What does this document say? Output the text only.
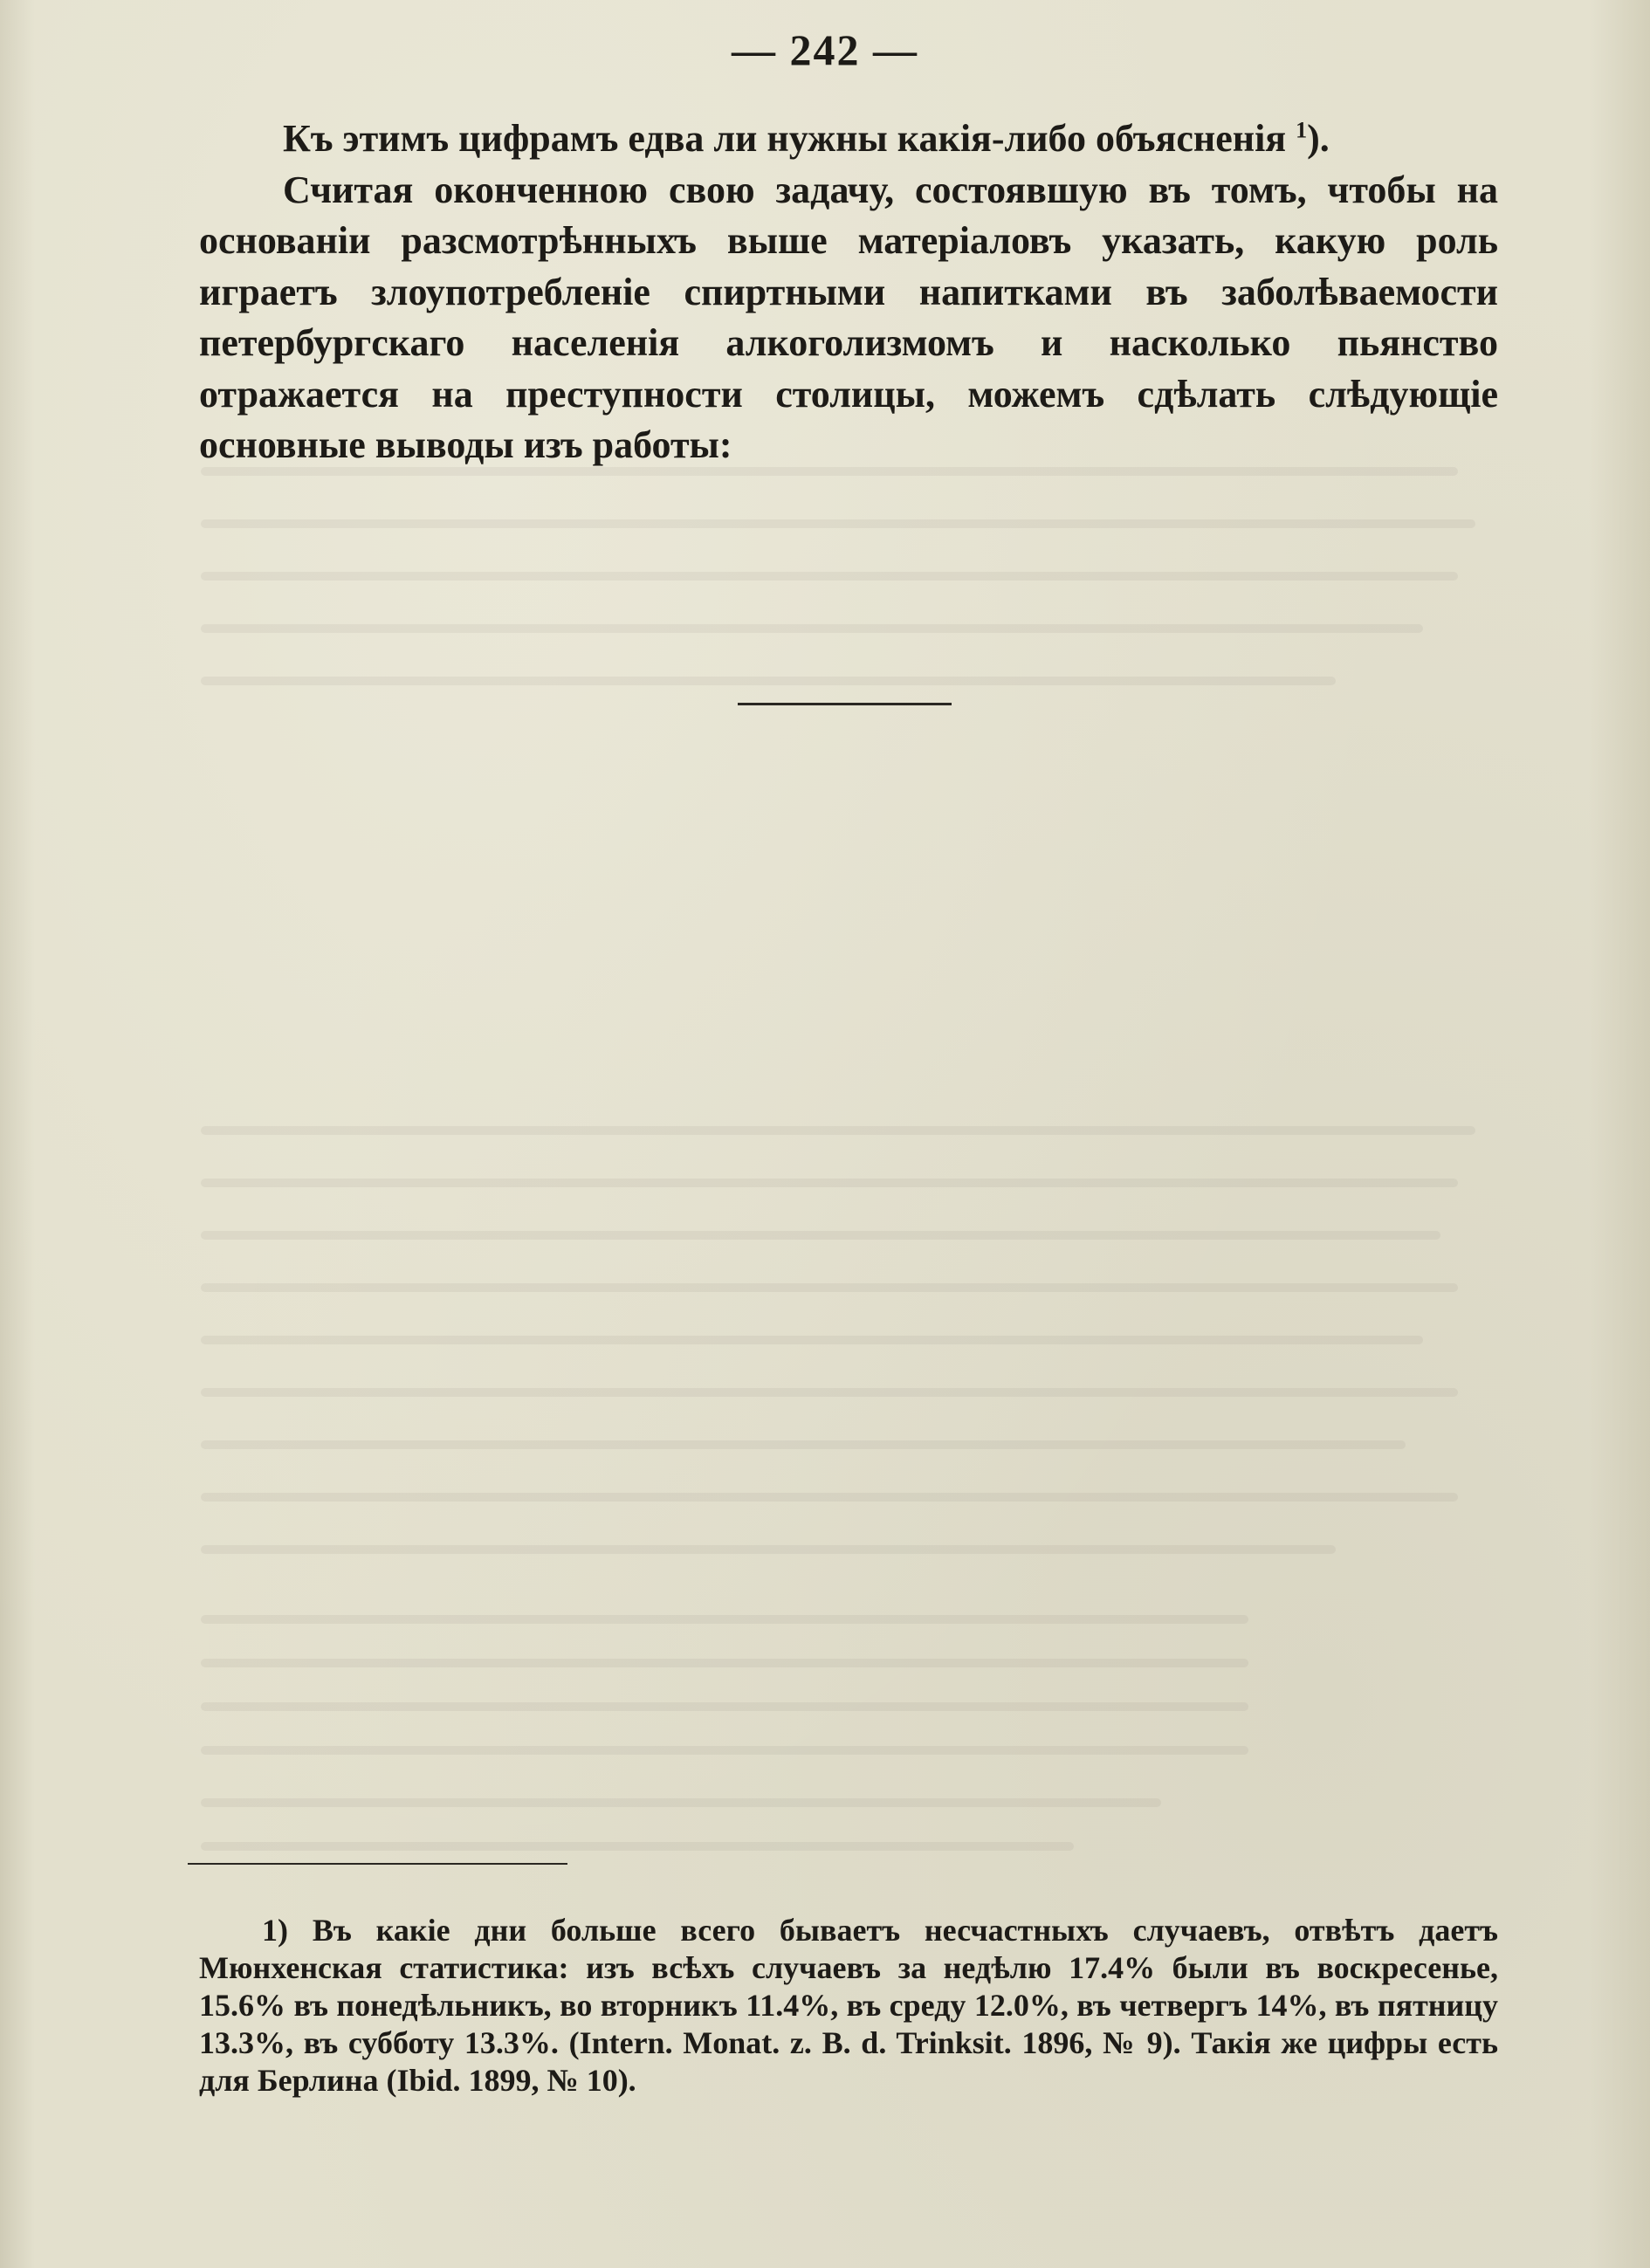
— 242 —

Къ этимъ цифрамъ едва ли нужны какія-либо объясненія $^1$).

Считая оконченною свою задачу, состоявшую въ томъ, чтобы на основаніи разсмотрѣнныхъ выше матеріаловъ указать, какую роль играетъ злоупотребленіе спиртными напитками въ заболѣваемости петербургскаго населенія алкоголизмомъ и насколько пьянство отражается на преступности столицы, можемъ сдѣлать слѣдующіе основные выводы изъ работы:

1) Въ какіе дни больше всего бываетъ несчастныхъ случаевъ, отвѣтъ даетъ Мюнхенская статистика: изъ всѣхъ случаевъ за недѣлю 17.4% были въ воскресенье, 15.6% въ понедѣльникъ, во вторникъ 11.4%, въ среду 12.0%, въ четвергъ 14%, въ пятницу 13.3%, въ субботу 13.3%. (Intern. Monat. z. B. d. Trinksit. 1896, № 9). Такія же цифры есть для Берлина (Ibid. 1899, № 10).
